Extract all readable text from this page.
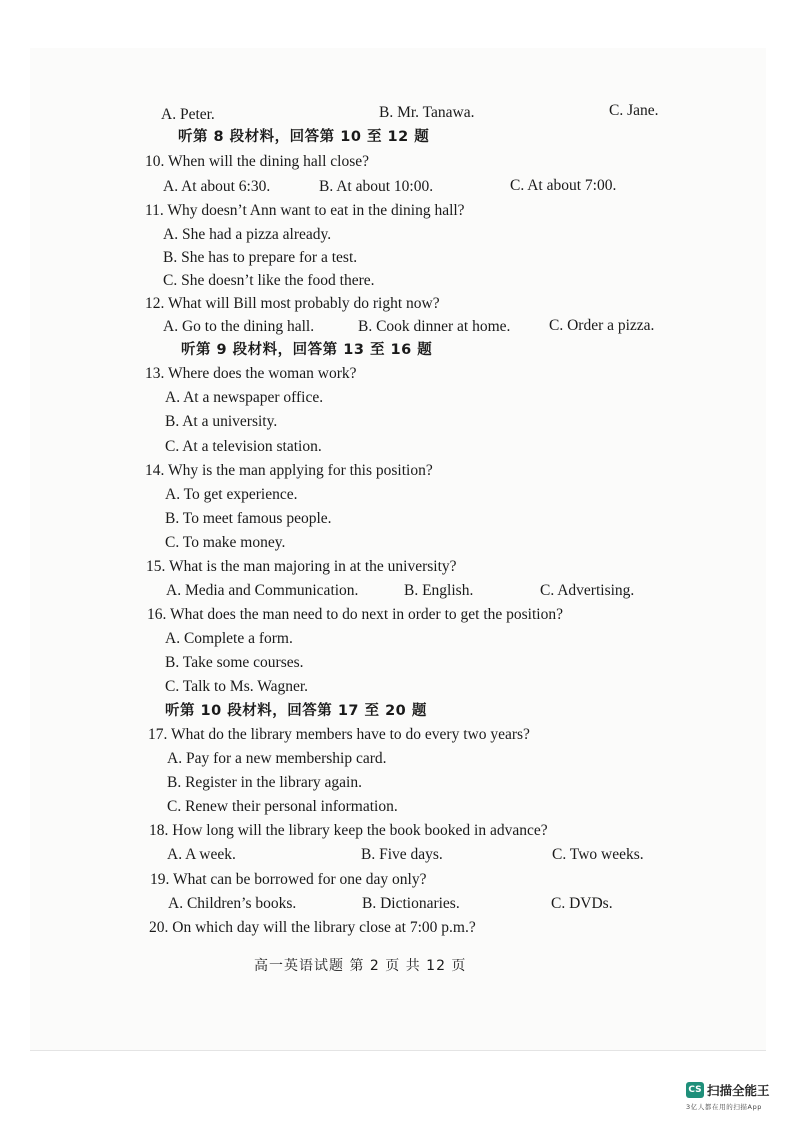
A. Peter.	B. Mr. Tanawa.	C. Jane.
听第 8 段材料，回答第 10 至 12 题
10. When will the dining hall close?
A. At about 6:30.	B. At about 10:00.	C. At about 7:00.
11. Why doesn’t Ann want to eat in the dining hall?
A. She had a pizza already.
B. She has to prepare for a test.
C. She doesn’t like the food there.
12. What will Bill most probably do right now?
A. Go to the dining hall.	B. Cook dinner at home. C. Order a pizza.
听第 9 段材料，回答第 13 至 16 题
13. Where does the woman work?
A. At a newspaper office.
B. At a university.
C. At a television station.
14. Why is the man applying for this position?
A. To get experience.
B. To meet famous people.
C. To make money.
15. What is the man majoring in at the university?
A. Media and Communication.	B. English.	C. Advertising.
16. What does the man need to do next in order to get the position?
A. Complete a form.
B. Take some courses.
C. Talk to Ms. Wagner.
听第 10 段材料，回答第 17 至 20 题
17. What do the library members have to do every two years?
A. Pay for a new membership card.
B. Register in the library again.
C. Renew their personal information.
18. How long will the library keep the book booked in advance?
A. A week.	B. Five days.	C. Two weeks.
19. What can be borrowed for one day only?
A. Children’s books.	B. Dictionaries.	C. DVDs.
20. On which day will the library close at 7:00 p.m.?
高一英语试题 第 2 页 共 12 页
CS 扫描全能王
3亿人都在用的扫描App
